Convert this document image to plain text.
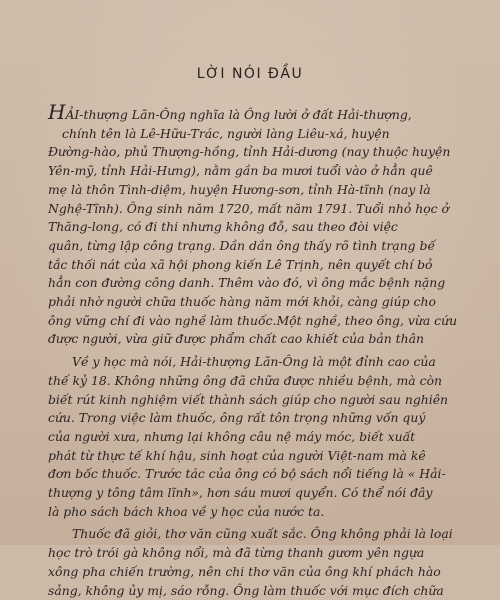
LỜI NÓI ĐẦU
HẢI-thượng Lãn-Ông nghĩa là Ông lười ở đất Hải-thượng,
chính tên là Lê-Hữu-Trác, người làng Liêu-xá, huyện
Đường-hào, phủ Thượng-hồng, tỉnh Hải-dương (nay thuộc huyện
Yên-mỹ, tỉnh Hải-Hưng), nằm gần ba mươi tuổi vào ở hẳn quê
mẹ là thôn Tình-diệm, huyện Hương-sơn, tỉnh Hà-tĩnh (nay là
Nghệ-Tĩnh). Ông sinh năm 1720, mất năm 1791. Tuổi nhỏ học ở
Thăng-long, có đi thi nhưng không đỗ, sau theo đòi việc
quân, từng lập công trạng. Dần dần ông thấy rõ tình trạng bế
tắc thối nát của xã hội phong kiến Lê Trịnh, nên quyết chí bỏ
hẳn con đường công danh. Thêm vào đó, vì ông mắc bệnh nặng
phải nhờ người chữa thuốc hàng năm mới khỏi, càng giúp cho
ông vững chí đi vào nghề làm thuốc.Một nghề, theo ông, vừa cứu
được người, vừa giữ được phẩm chất cao khiết của bản thân
Về y học mà nói, Hải-thượng Lãn-Ông là một đỉnh cao của
thế kỷ 18. Không những ông đã chữa được nhiều bệnh, mà còn
biết rút kinh nghiệm viết thành sách giúp cho người sau nghiên
cứu. Trong việc làm thuốc, ông rất tôn trọng những vốn quý
của người xưa, nhưng lại không câu nệ máy móc, biết xuất
phát từ thực tế khí hậu, sinh hoạt của người Việt-nam mà kê
đơn bốc thuốc. Trước tác của ông có bộ sách nổi tiếng là « Hải-
thượng y tông tâm lĩnh», hơn sáu mươi quyển. Có thể nói đây
là pho sách bách khoa về y học của nước ta.
Thuốc đã giỏi, thơ văn cũng xuất sắc. Ông không phải là loại
học trò trói gà không nổi, mà đã từng thanh gươm yên ngựa
xông pha chiến trường, nên chi thơ văn của ông khí phách hào
sảng, không ủy mị, sáo rỗng. Ông làm thuốc với mục đích chữa
